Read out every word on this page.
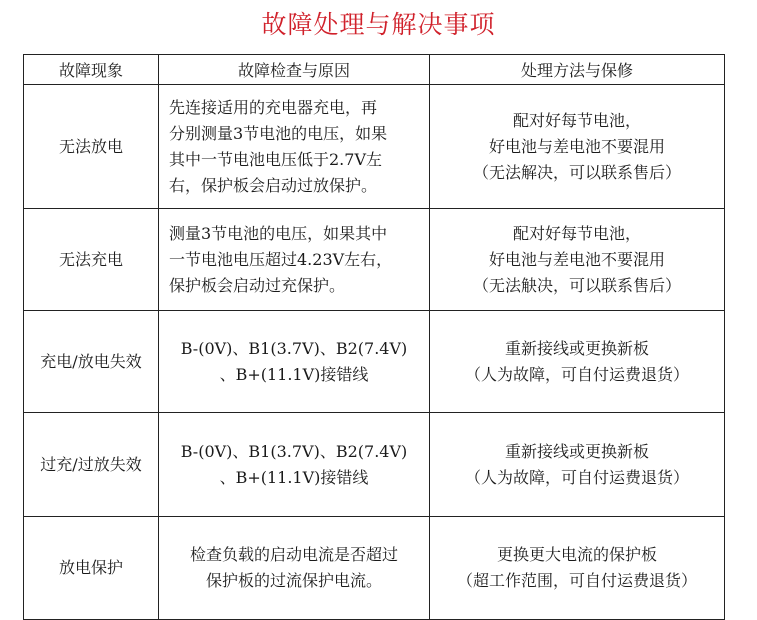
故障处理与解决事项
故障现象	故障检查与原因	处理方法与保修

无法放电	先连接适用的充电器充电，再
分别测量3节电池的电压，如果
其中一节电池电压低于2.7V左
右，保护板会启动过放保护。	配对好每节电池，
好电池与差电池不要混用
（无法解决，可以联系售后）

无法充电	测量3节电池的电压，如果其中
一节电池电压超过4.23V左右，
保护板会启动过充保护。	配对好每节电池，
好电池与差电池不要混用
（无法觖决，可以联系售后）

充电/放电失效	B-(0V)、B1(3.7V)、B2(7.4V)
、B+(11.1V)接错线	重新接线或更换新板
（人为故障，可自付运费退货）

过充/过放失效	B-(0V)、B1(3.7V)、B2(7.4V)
、B+(11.1V)接错线	重新接线或更换新板
（人为故障，可自付运费退货）

放电保护	检查负载的启动电流是否超过
保护板的过流保护电流。	更换更大电流的保护板
（超工作范围，可自付运费退货）
